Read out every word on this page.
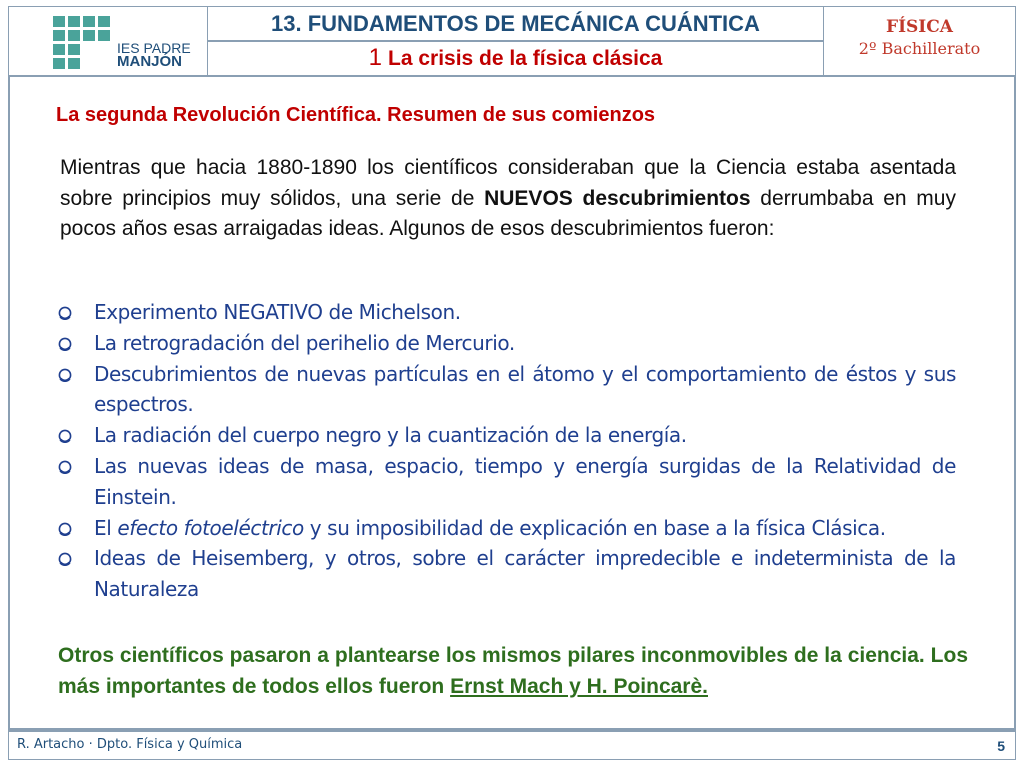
IES PADRE
MANJÓN
13. FUNDAMENTOS DE MECÁNICA CUÁNTICA
1 La crisis de la física clásica
FÍSICA
2º Bachillerato
La segunda Revolución Científica. Resumen de sus comienzos

Mientras que hacia 1880-1890 los científicos consideraban que la Ciencia estaba asentada sobre principios muy sólidos, una serie de NUEVOS descubrimientos derrumbaba en muy pocos años esas arraigadas ideas. Algunos de esos descubrimientos fueron:

Experimento NEGATIVO de Michelson.
La retrogradación del perihelio de Mercurio.
Descubrimientos de nuevas partículas en el átomo y el comportamiento de éstos y sus espectros.
La radiación del cuerpo negro y la cuantización de la energía.
Las nuevas ideas de masa, espacio, tiempo y energía surgidas de la Relatividad de Einstein.
El efecto fotoeléctrico y su imposibilidad de explicación en base a la física Clásica.
Ideas de Heisemberg, y otros, sobre el carácter impredecible e indeterminista de la Naturaleza

Otros científicos pasaron a plantearse los mismos pilares inconmovibles de la ciencia. Los más importantes de todos ellos fueron Ernst Mach y H. Poincarè.

R. Artacho · Dpto. Física y Química	5
